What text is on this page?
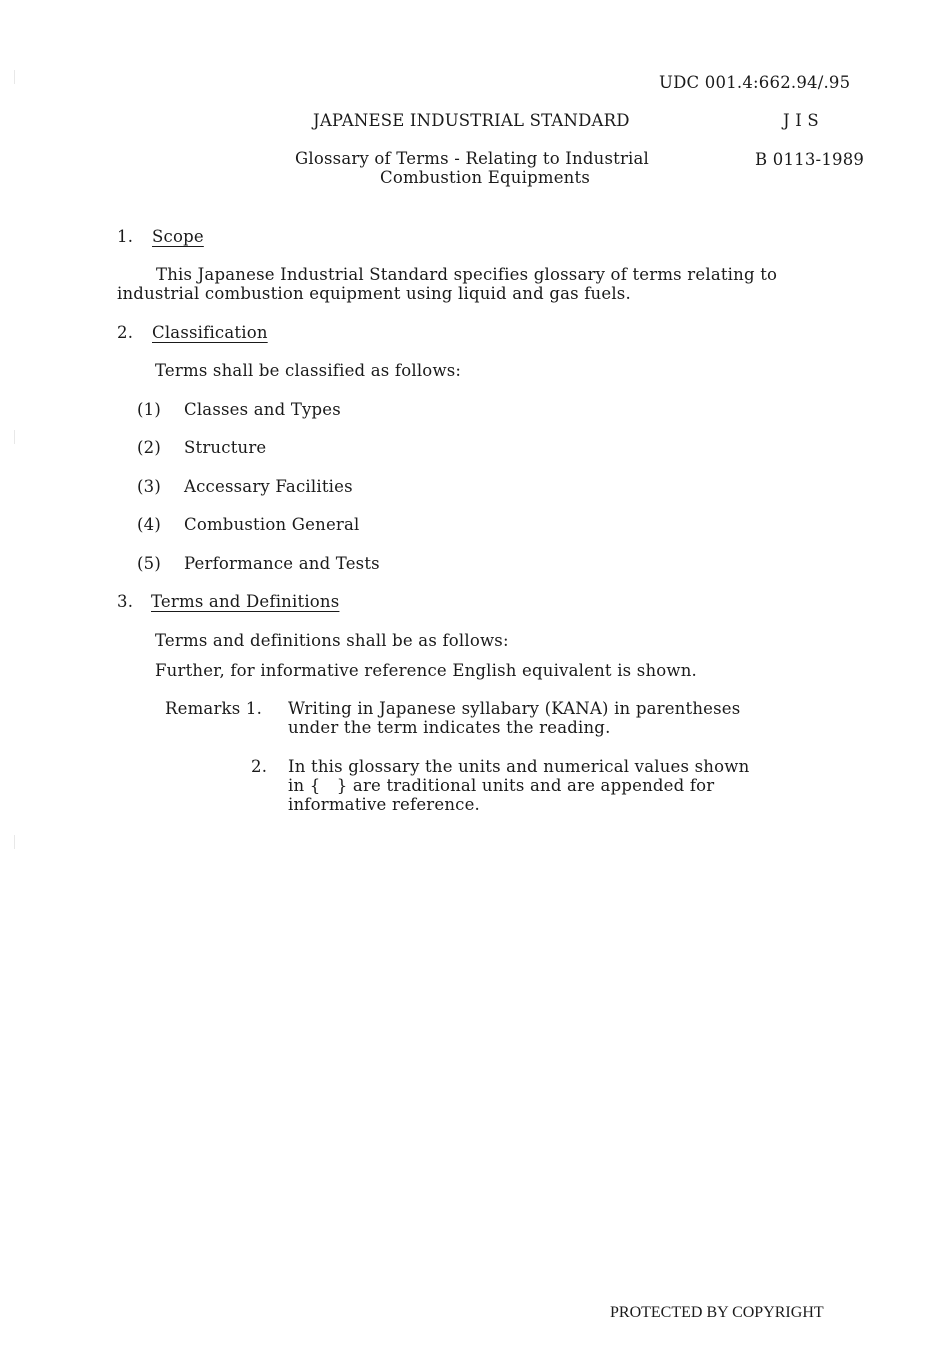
UDC 001.4:662.94/.95
JAPANESE INDUSTRIAL STANDARD	J I S
Glossary of Terms - Relating to Industrial
Combustion Equipments
B 0113-1989
1. Scope
This Japanese Industrial Standard specifies glossary of terms relating to
industrial combustion equipment using liquid and gas fuels.
2. Classification
Terms shall be classified as follows:
(1) Classes and Types
(2) Structure
(3) Accessary Facilities
(4) Combustion General
(5) Performance and Tests
3. Terms and Definitions
Terms and definitions shall be as follows:
Further, for informative reference English equivalent is shown.
Remarks 1. Writing in Japanese syllabary (KANA) in parentheses
under the term indicates the reading.
2. In this glossary the units and numerical values shown
in {   } are traditional units and are appended for
informative reference.
PROTECTED BY COPYRIGHT
